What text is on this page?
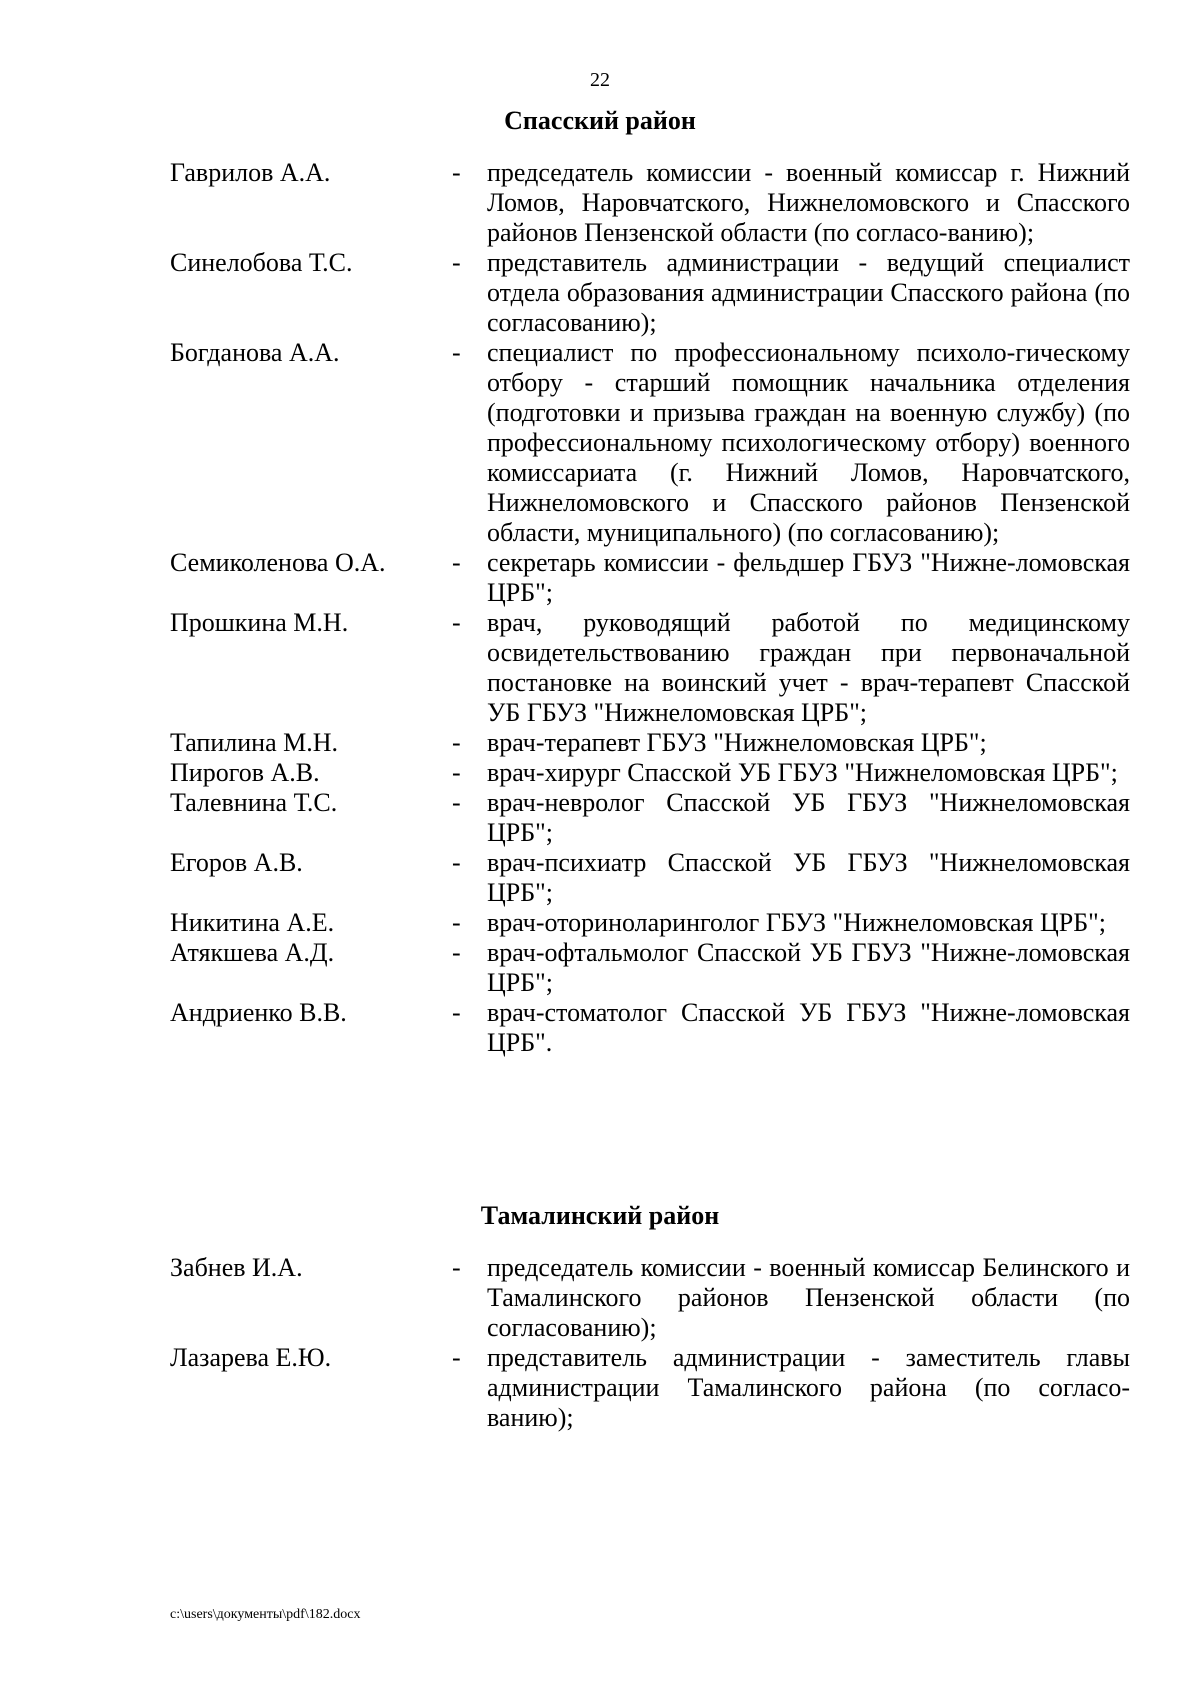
22
Спасский район
Гаврилов А.А.	- председатель комиссии - военный комиссар г. Нижний Ломов, Наровчатского, Нижнеломовского и Спасского районов Пензенской области (по согласо-ванию);
Синелобова Т.С.	- представитель администрации - ведущий специалист отдела образования администрации Спасского района (по согласованию);
Богданова А.А.	- специалист по профессиональному психоло-гическому отбору - старший помощник начальника отделения (подготовки и призыва граждан на военную службу) (по профессиональному психологическому отбору) военного комиссариата (г. Нижний Ломов, Наровчатского, Нижнеломовского и Спасского районов Пензенской области, муниципального) (по согласованию);
Семиколенова О.А.	- секретарь комиссии - фельдшер ГБУЗ "Нижне-ломовская ЦРБ";
Прошкина М.Н.	- врач, руководящий работой по медицинскому освидетельствованию граждан при первоначальной постановке на воинский учет - врач-терапевт Спасской УБ ГБУЗ "Нижнеломовская ЦРБ";
Тапилина М.Н.	- врач-терапевт ГБУЗ "Нижнеломовская ЦРБ";
Пирогов А.В.	- врач-хирург Спасской УБ ГБУЗ "Нижнеломовская ЦРБ";
Талевнина Т.С.	- врач-невролог Спасской УБ ГБУЗ "Нижнеломовская ЦРБ";
Егоров А.В.	- врач-психиатр Спасской УБ ГБУЗ "Нижнеломовская ЦРБ";
Никитина А.Е.	- врач-оториноларинголог ГБУЗ "Нижнеломовская ЦРБ";
Атякшева А.Д.	- врач-офтальмолог Спасской УБ ГБУЗ "Нижне-ломовская ЦРБ";
Андриенко В.В.	- врач-стоматолог Спасской УБ ГБУЗ "Нижне-ломовская ЦРБ".
Тамалинский район
Забнев И.А.	- председатель комиссии - военный комиссар Белинского и Тамалинского районов Пензенской области (по согласованию);
Лазарева Е.Ю.	- представитель администрации - заместитель главы администрации Тамалинского района (по согласо-ванию);
c:\users\документы\pdf\182.docx
